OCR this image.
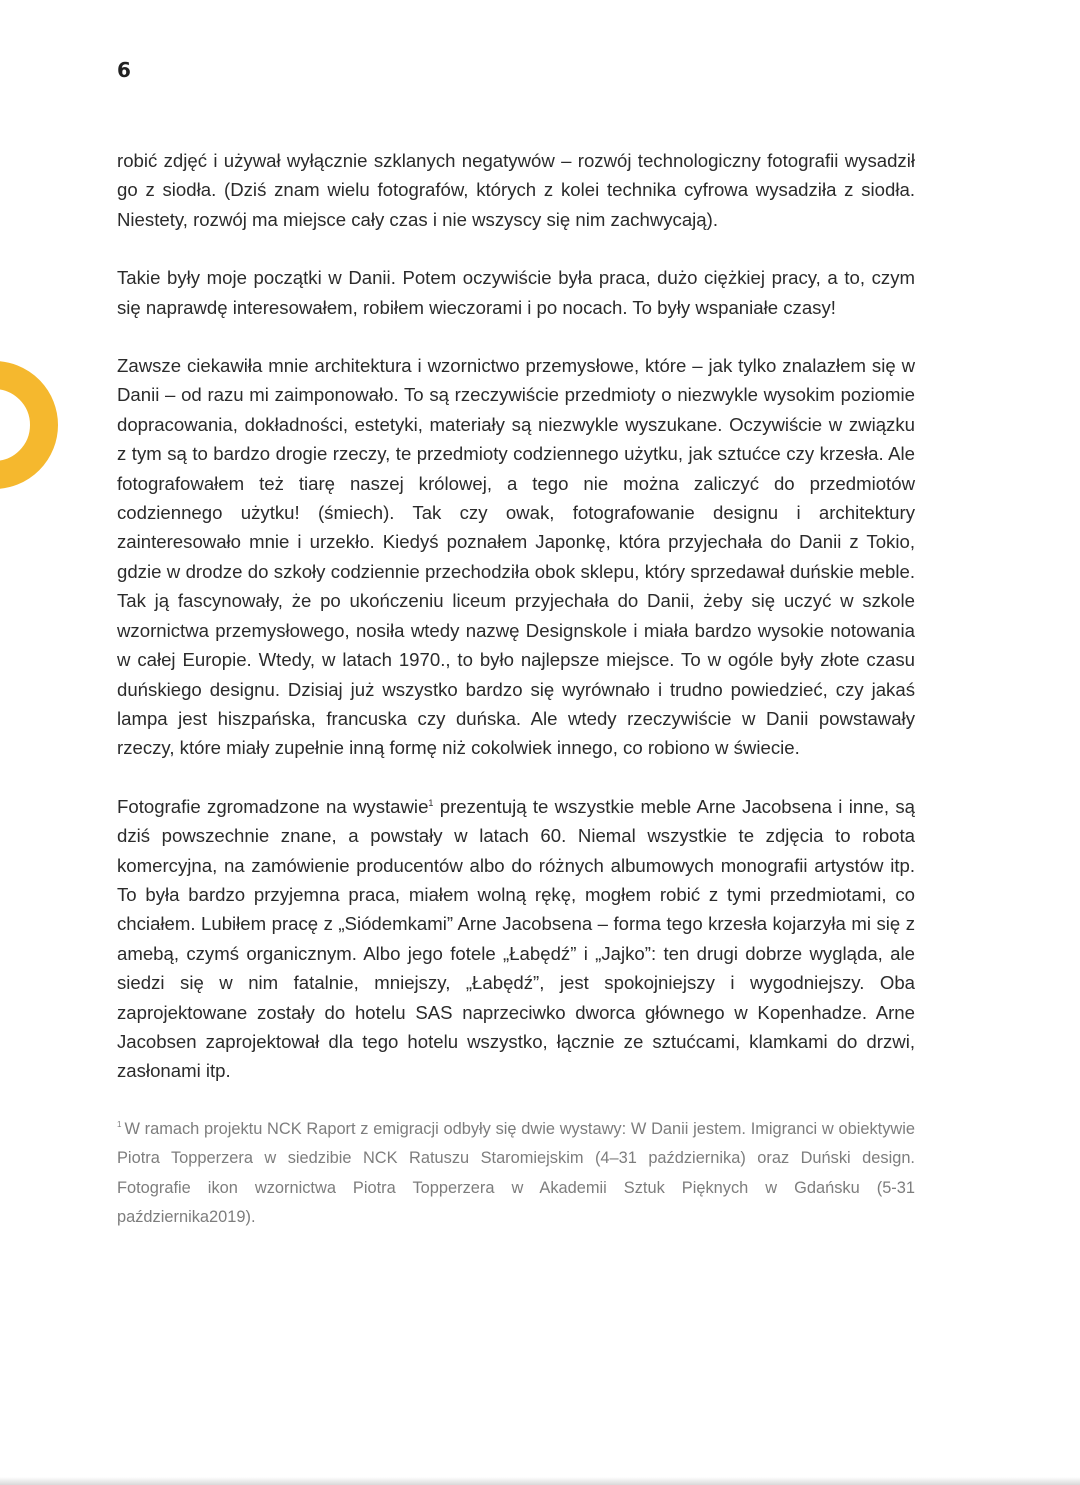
6

robić zdjęć i używał wyłącznie szklanych negatywów – rozwój technologiczny fotografii wysadził go z siodła. (Dziś znam wielu fotografów, których z kolei technika cyfrowa wysadziła z siodła. Niestety, rozwój ma miejsce cały czas i nie wszyscy się nim zachwycają).

Takie były moje początki w Danii. Potem oczywiście była praca, dużo ciężkiej pracy, a to, czym się naprawdę interesowałem, robiłem wieczorami i po nocach. To były wspaniałe czasy!

Zawsze ciekawiła mnie architektura i wzornictwo przemysłowe, które – jak tylko znalazłem się w Danii – od razu mi zaimponowało. To są rzeczywiście przedmioty o niezwykle wysokim poziomie dopracowania, dokładności, estetyki, materiały są niezwykle wyszukane. Oczywiście w związku z tym są to bardzo drogie rzeczy, te przedmioty codziennego użytku, jak sztućce czy krzesła. Ale fotografowałem też tiarę naszej królowej, a tego nie można zaliczyć do przedmiotów codziennego użytku! (śmiech). Tak czy owak, fotografowanie designu i architektury zainteresowało mnie i urzekło. Kiedyś poznałem Japonkę, która przyjechała do Danii z Tokio, gdzie w drodze do szkoły codziennie przechodziła obok sklepu, który sprzedawał duńskie meble. Tak ją fascynowały, że po ukończeniu liceum przyjechała do Danii, żeby się uczyć w szkole wzornictwa przemysłowego, nosiła wtedy nazwę Designskole i miała bardzo wysokie notowania w całej Europie. Wtedy, w latach 1970., to było najlepsze miejsce. To w ogóle były złote czasu duńskiego designu. Dzisiaj już wszystko bardzo się wyrównało i trudno powiedzieć, czy jakaś lampa jest hiszpańska, francuska czy duńska. Ale wtedy rzeczywiście w Danii powstawały rzeczy, które miały zupełnie inną formę niż cokolwiek innego, co robiono w świecie.

Fotografie zgromadzone na wystawie$^1$ prezentują te wszystkie meble Arne Jacobsena i inne, są dziś powszechnie znane, a powstały w latach 60. Niemal wszystkie te zdjęcia to robota komercyjna, na zamówienie producentów albo do różnych albumowych monografii artystów itp. To była bardzo przyjemna praca, miałem wolną rękę, mogłem robić z tymi przedmiotami, co chciałem. Lubiłem pracę z „Siódemkami” Arne Jacobsena – forma tego krzesła kojarzyła mi się z amebą, czymś organicznym. Albo jego fotele „Łabędź” i „Jajko”: ten drugi dobrze wygląda, ale siedzi się w nim fatalnie, mniejszy, „Łabędź”, jest spokojniejszy i wygodniejszy. Oba zaprojektowane zostały do hotelu SAS naprzeciwko dworca głównego w Kopenhadze. Arne Jacobsen zaprojektował dla tego hotelu wszystko, łącznie ze sztućcami, klamkami do drzwi, zasłonami itp.

$^1$ W ramach projektu NCK Raport z emigracji odbyły się dwie wystawy: W Danii jestem. Imigranci w obiektywie Piotra Topperzera w siedzibie NCK Ratuszu Staromiejskim (4–31 października) oraz Duński design. Fotografie ikon wzornictwa Piotra Topperzera w Akademii Sztuk Pięknych w Gdańsku (5-31 października2019).
